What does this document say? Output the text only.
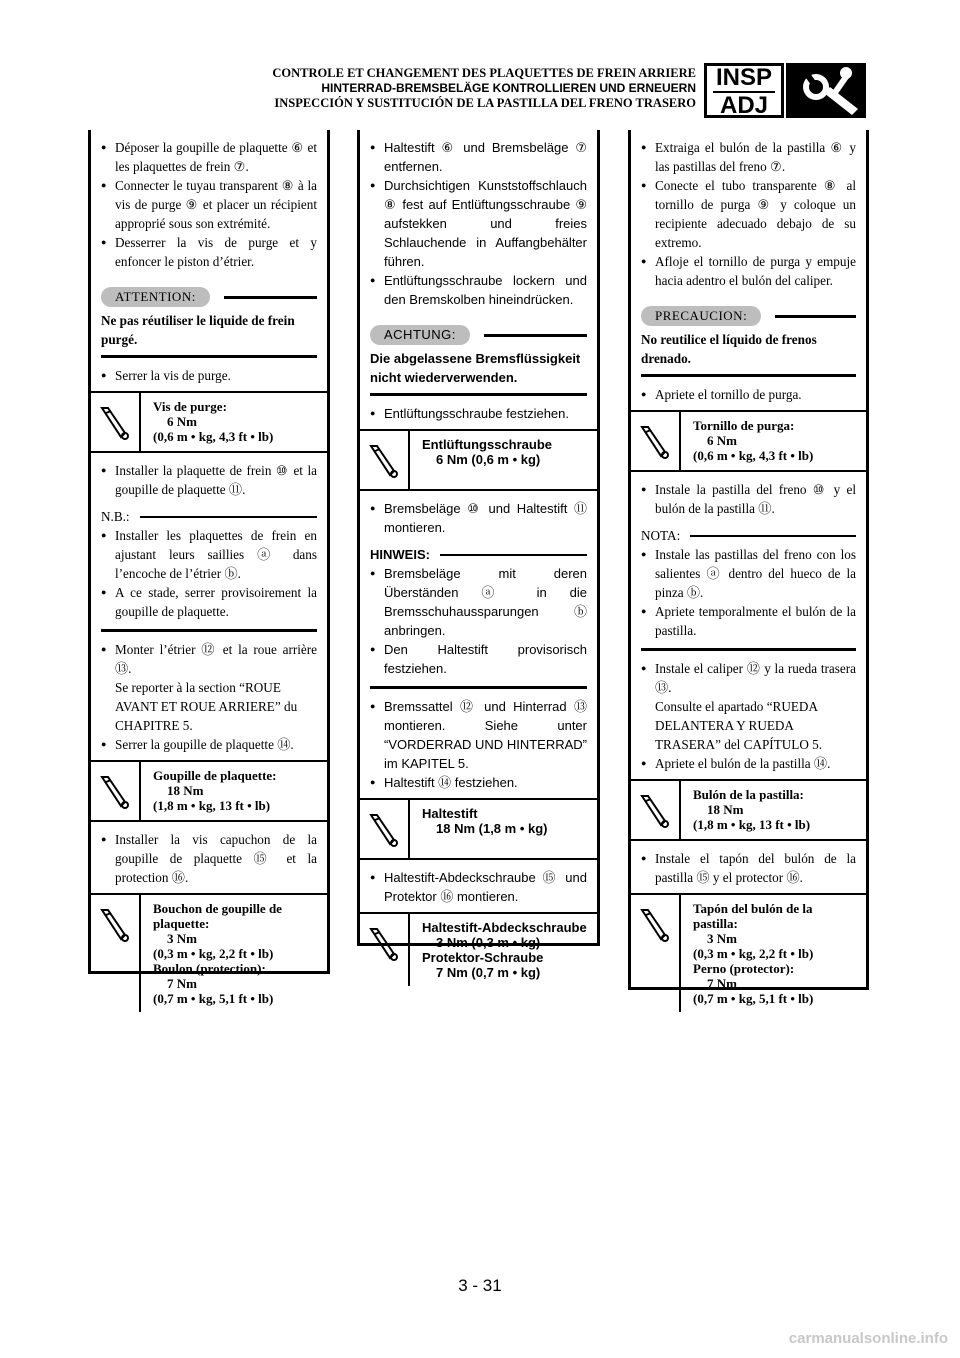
CONTROLE ET CHANGEMENT DES PLAQUETTES DE FREIN ARRIERE
HINTERRAD-BREMSBELÄGE KONTROLLIEREN UND ERNEUERN
INSPECCIÓN Y SUSTITUCIÓN DE LA PASTILLA DEL FRENO TRASERO
INSP
ADJ
● Déposer la goupille de plaquette ⑥ et les plaquettes de frein ⑦.
● Connecter le tuyau transparent ⑧ à la vis de purge ⑨ et placer un récipient approprié sous son extrémité.
● Desserrer la vis de purge et y enfoncer le piston d’étrier.
ATTENTION:
Ne pas réutiliser le liquide de frein purgé.
● Serrer la vis de purge.
Vis de purge:
6 Nm
(0,6 m • kg, 4,3 ft • lb)
● Installer la plaquette de frein ⑩ et la goupille de plaquette ⑪.
N.B.:
● Installer les plaquettes de frein en ajustant leurs saillies ⓐ dans l’encoche de l’étrier ⓑ.
● A ce stade, serrer provisoirement la goupille de plaquette.
● Monter l’étrier ⑫ et la roue arrière ⑬.
Se reporter à la section “ROUE AVANT ET ROUE ARRIERE” du CHAPITRE 5.
● Serrer la goupille de plaquette ⑭.
Goupille de plaquette:
18 Nm
(1,8 m • kg, 13 ft • lb)
● Installer la vis capuchon de la goupille de plaquette ⑮ et la protection ⑯.
Bouchon de goupille de plaquette:
3 Nm
(0,3 m • kg, 2,2 ft • lb)
Boulon (protection):
7 Nm
(0,7 m • kg, 5,1 ft • lb)
● Haltestift ⑥ und Bremsbeläge ⑦ entfernen.
● Durchsichtigen Kunststoffschlauch ⑧ fest auf Entlüftungsschraube ⑨ aufstekken und freies Schlauchende in Auffangbehälter führen.
● Entlüftungsschraube lockern und den Bremskolben hineindrücken.
ACHTUNG:
Die abgelassene Bremsflüssigkeit nicht wiederverwenden.
● Entlüftungsschraube festziehen.
Entlüftungsschraube
6 Nm (0,6 m • kg)
● Bremsbeläge ⑩ und Haltestift ⑪ montieren.
HINWEIS:
● Bremsbeläge mit deren Überständen ⓐ in die Bremsschuhaussparungen ⓑ anbringen.
● Den Haltestift provisorisch festziehen.
● Bremssattel ⑫ und Hinterrad ⑬ montieren. Siehe unter “VORDERRAD UND HINTERRAD” im KAPITEL 5.
● Haltestift ⑭ festziehen.
Haltestift
18 Nm (1,8 m • kg)
● Haltestift-Abdeckschraube ⑮ und Protektor ⑯ montieren.
Haltestift-Abdeckschraube
3 Nm (0,3 m • kg)
Protektor-Schraube
7 Nm (0,7 m • kg)
● Extraiga el bulón de la pastilla ⑥ y las pastillas del freno ⑦.
● Conecte el tubo transparente ⑧ al tornillo de purga ⑨ y coloque un recipiente adecuado debajo de su extremo.
● Afloje el tornillo de purga y empuje hacia adentro el bulón del caliper.
PRECAUCION:
No reutilice el líquido de frenos drenado.
● Apriete el tornillo de purga.
Tornillo de purga:
6 Nm
(0,6 m • kg, 4,3 ft • lb)
● Instale la pastilla del freno ⑩ y el bulón de la pastilla ⑪.
NOTA:
● Instale las pastillas del freno con los salientes ⓐ dentro del hueco de la pinza ⓑ.
● Apriete temporalmente el bulón de la pastilla.
● Instale el caliper ⑫ y la rueda trasera ⑬.
Consulte el apartado “RUEDA DELANTERA Y RUEDA TRASERA” del CAPÍTULO 5.
● Apriete el bulón de la pastilla ⑭.
Bulón de la pastilla:
18 Nm
(1,8 m • kg, 13 ft • lb)
● Instale el tapón del bulón de la pastilla ⑮ y el protector ⑯.
Tapón del bulón de la pastilla:
3 Nm
(0,3 m • kg, 2,2 ft • lb)
Perno (protector):
7 Nm
(0,7 m • kg, 5,1 ft • lb)
3 - 31
carmanualsonline.info
